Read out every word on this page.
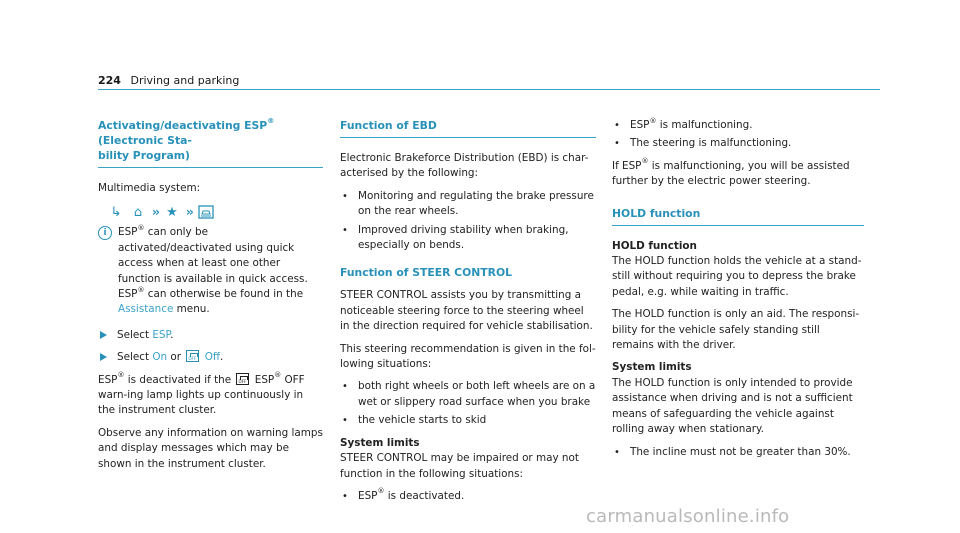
224 Driving and parking
Activating/deactivating ESP® (Electronic Sta-
bility Program)

Multimedia system:

↳ ⌂ ›› ★ ››
i	ESP® can only be activated/deactivated using quick access when at least one other function is available in quick access. ESP® can otherwise be found in the Assistance menu.
Select ESP.
Select On or OFF Off.

ESP® is deactivated if the OFF ESP® OFF warn-ing lamp lights up continuously in the instrument cluster.

Observe any information on warning lamps and display messages which may be shown in the instrument cluster.

Function of EBD

Electronic Brakeforce Distribution (EBD) is char-acterised by the following:

• Monitoring and regulating the brake pressure on the rear wheels.
• Improved driving stability when braking, especially on bends.
Function of STEER CONTROL

STEER CONTROL assists you by transmitting a noticeable steering force to the steering wheel in the direction required for vehicle stabilisation.

This steering recommendation is given in the fol-lowing situations:

• both right wheels or both left wheels are on a wet or slippery road surface when you brake
• the vehicle starts to skid
System limits

STEER CONTROL may be impaired or may not function in the following situations:

• ESP® is deactivated.
• ESP® is malfunctioning.
• The steering is malfunctioning.

If ESP® is malfunctioning, you will be assisted further by the electric power steering.

HOLD function
HOLD function

The HOLD function holds the vehicle at a stand-still without requiring you to depress the brake pedal, e.g. while waiting in traffic.

The HOLD function is only an aid. The responsi-bility for the vehicle safely standing still remains with the driver.

System limits

The HOLD function is only intended to provide assistance when driving and is not a sufficient means of safeguarding the vehicle against rolling away when stationary.

• The incline must not be greater than 30%.
carmanualsonline.info
